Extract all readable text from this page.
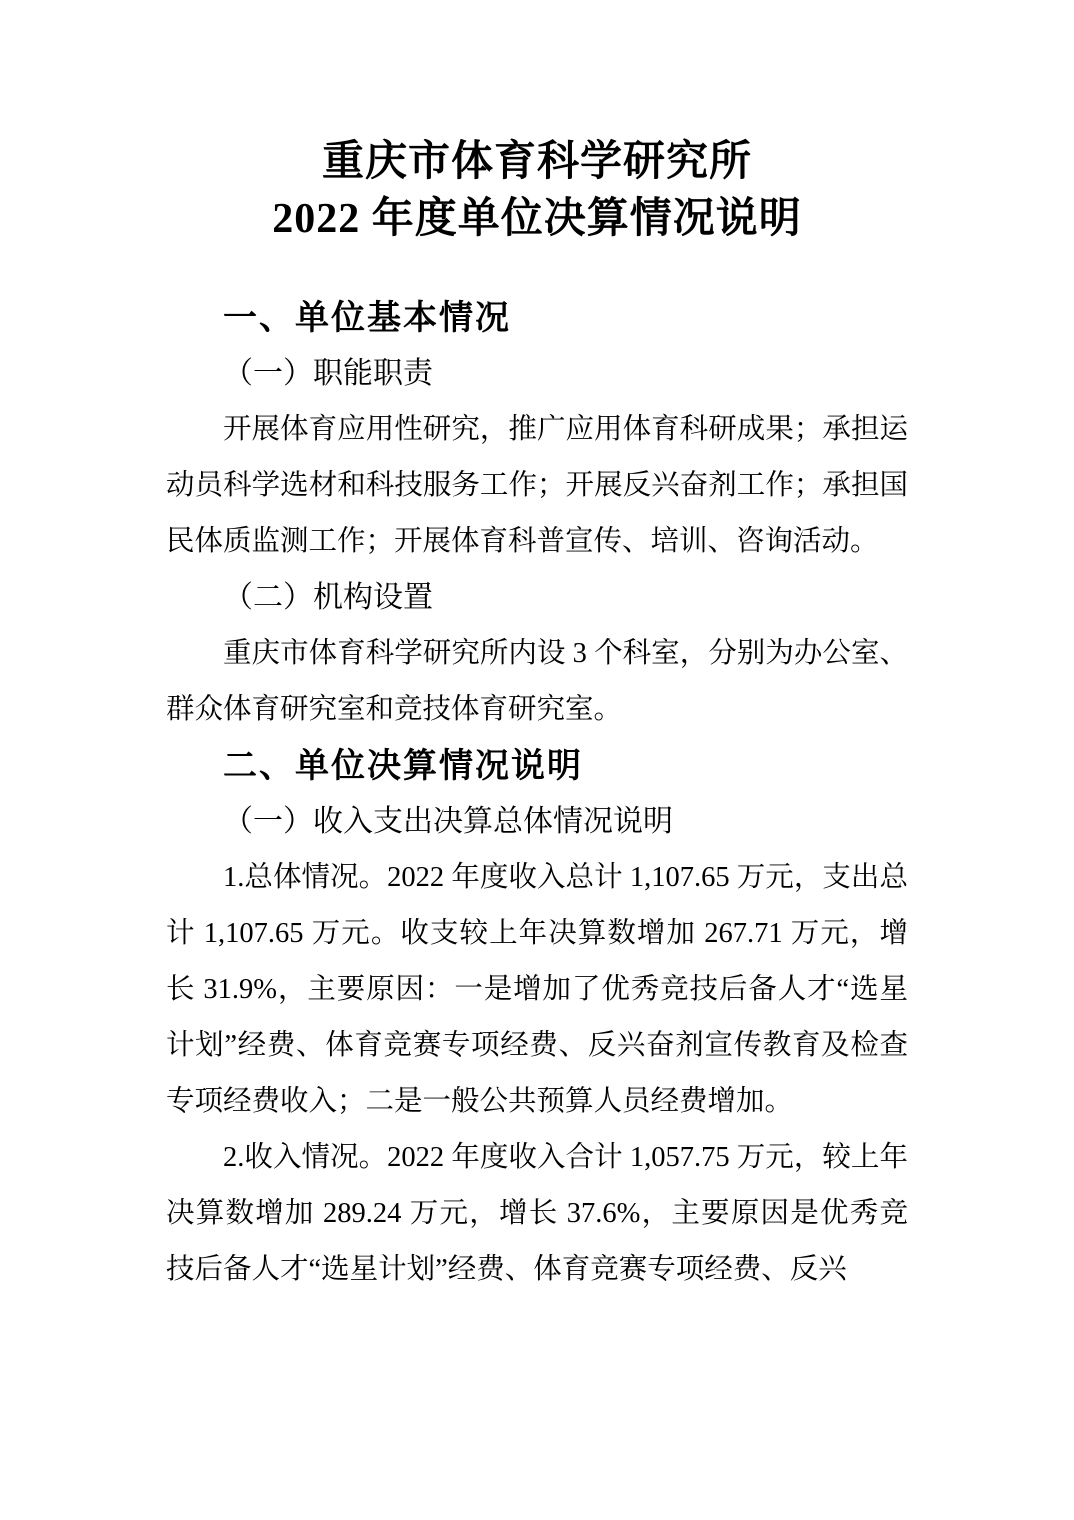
重庆市体育科学研究所
2022 年度单位决算情况说明
一、单位基本情况
（一）职能职责

开展体育应用性研究，推广应用体育科研成果；承担运动员科学选材和科技服务工作；开展反兴奋剂工作；承担国民体质监测工作；开展体育科普宣传、培训、咨询活动。

（二）机构设置

重庆市体育科学研究所内设 3 个科室，分别为办公室、群众体育研究室和竞技体育研究室。

二、单位决算情况说明
（一）收入支出决算总体情况说明

1.总体情况。2022 年度收入总计 1,107.65 万元，支出总计 1,107.65 万元。收支较上年决算数增加 267.71 万元，增长 31.9%，主要原因：一是增加了优秀竞技后备人才“选星计划”经费、体育竞赛专项经费、反兴奋剂宣传教育及检查专项经费收入；二是一般公共预算人员经费增加。

2.收入情况。2022 年度收入合计 1,057.75 万元，较上年决算数增加 289.24 万元，增长 37.6%，主要原因是优秀竞技后备人才“选星计划”经费、体育竞赛专项经费、反兴
